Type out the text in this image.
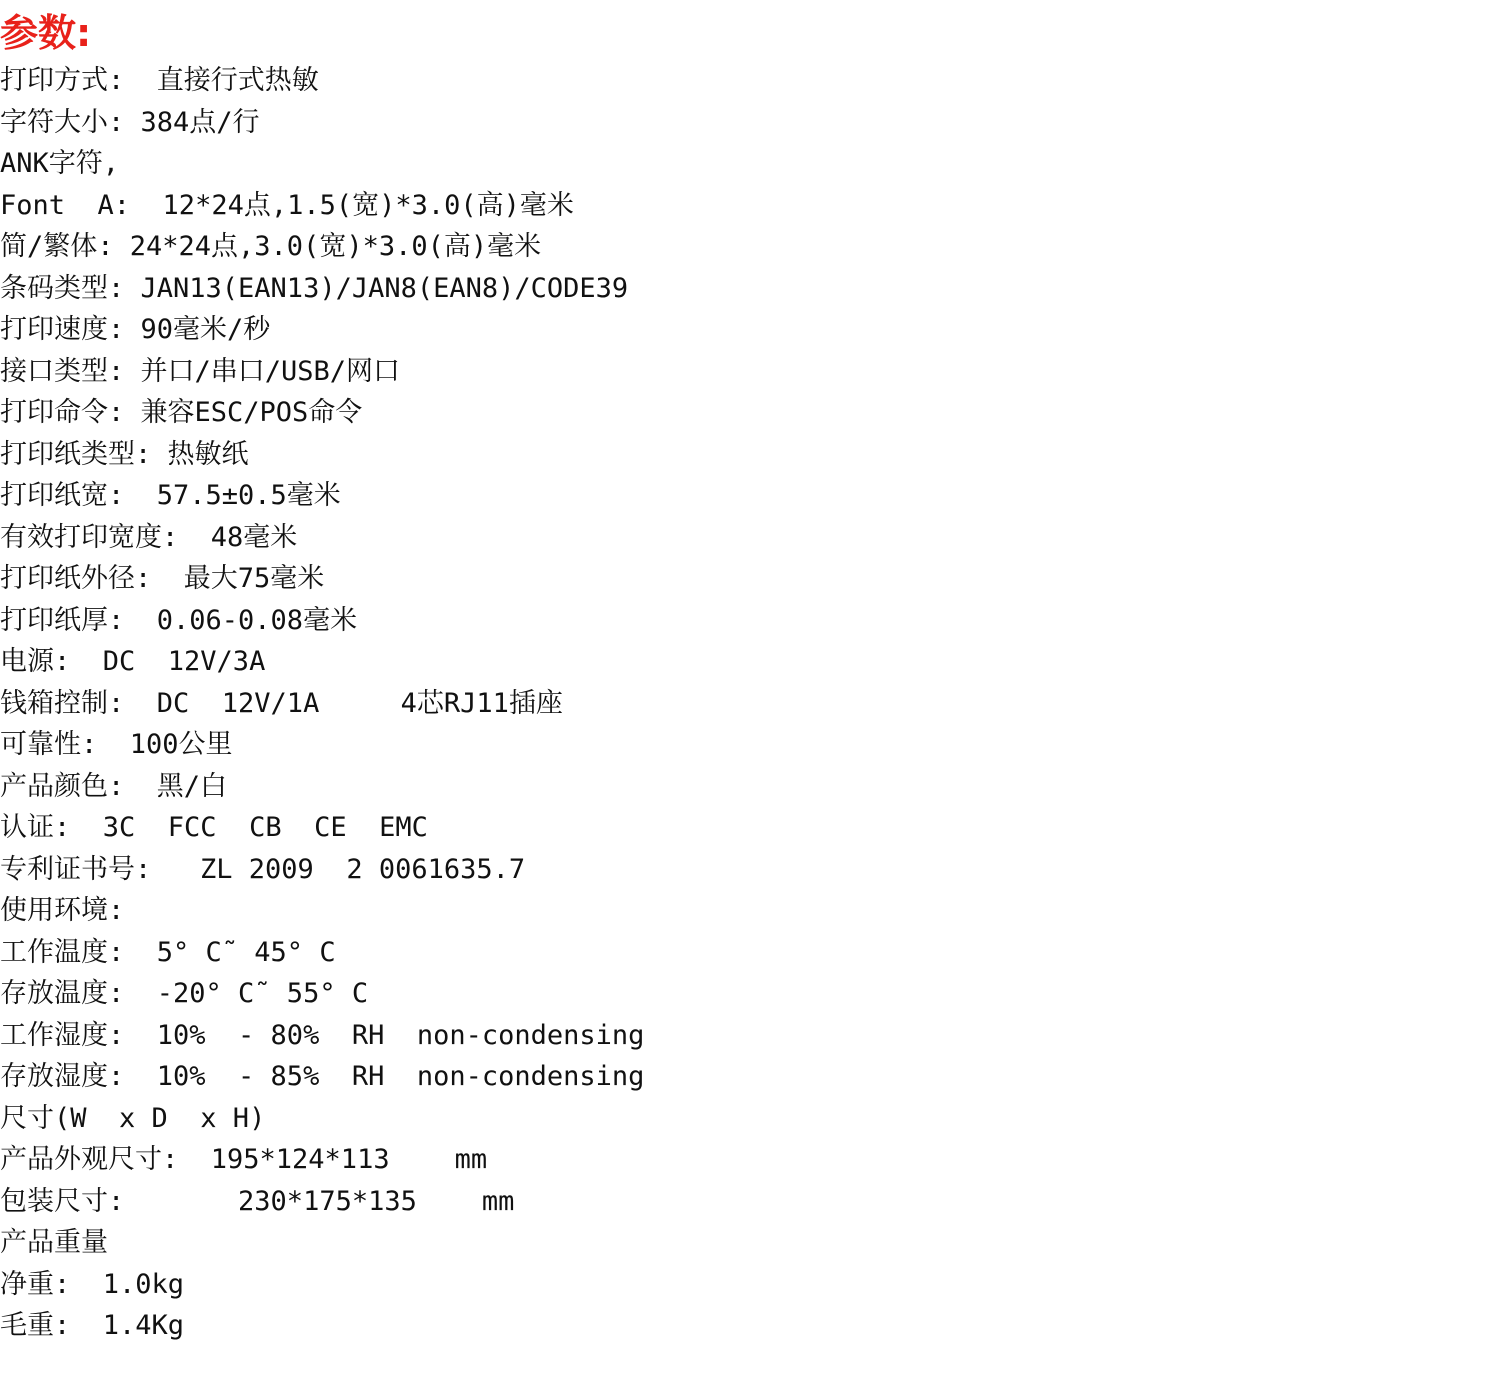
参数:
打印方式:  直接行式热敏
字符大小: 384点/行
ANK字符,
Font  A:  12*24点,1.5(宽)*3.0(高)毫米
简/繁体: 24*24点,3.0(宽)*3.0(高)毫米
条码类型: JAN13(EAN13)/JAN8(EAN8)/CODE39
打印速度: 90毫米/秒
接口类型: 并口/串口/USB/网口
打印命令: 兼容ESC/POS命令
打印纸类型: 热敏纸
打印纸宽:  57.5±0.5毫米
有效打印宽度:  48毫米
打印纸外径:  最大75毫米
打印纸厚:  0.06-0.08毫米
电源:  DC  12V/3A
钱箱控制:  DC  12V/1A     4芯RJ11插座
可靠性:  100公里
产品颜色:  黑/白
认证:  3C  FCC  CB  CE  EMC
专利证书号:   ZL 2009  2 0061635.7
使用环境:
工作温度:  5° C˜ 45° C
存放温度:  -20° C˜ 55° C
工作湿度:  10%  - 80%  RH  non-condensing
存放湿度:  10%  - 85%  RH  non-condensing
尺寸(W  x D  x H)
产品外观尺寸:  195*124*113    mm
包装尺寸:       230*175*135    mm
产品重量
净重:  1.0kg
毛重:  1.4Kg
